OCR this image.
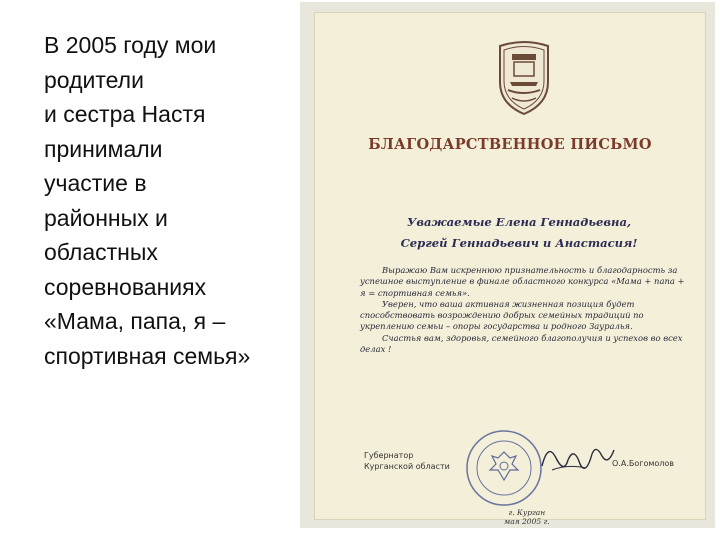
В 2005 году мои
родители
и сестра Настя
принимали
участие в
районных и
областных
соревнованиях
«Мама, папа, я –
спортивная семья»
БЛАГОДАРСТВЕННОЕ ПИСЬМО
Уважаемые Елена Геннадьевна,
Сергей Геннадьевич и Анастасия!

Выражаю Вам искреннюю признательность и благодарность за успешное выступление в финале областного конкурса «Мама + папа + я = спортивная семья».

Уверен, что ваша активная жизненная позиция будет способствовать возрождению добрых семейных традиций по укреплению семьи – опоры государства и родного Зауралья.

Счастья вам, здоровья, семейного благополучия и успехов во всех делах !

Губернатор
Курганской области	О.А.Богомолов
г. Курган
мая 2005 г.
